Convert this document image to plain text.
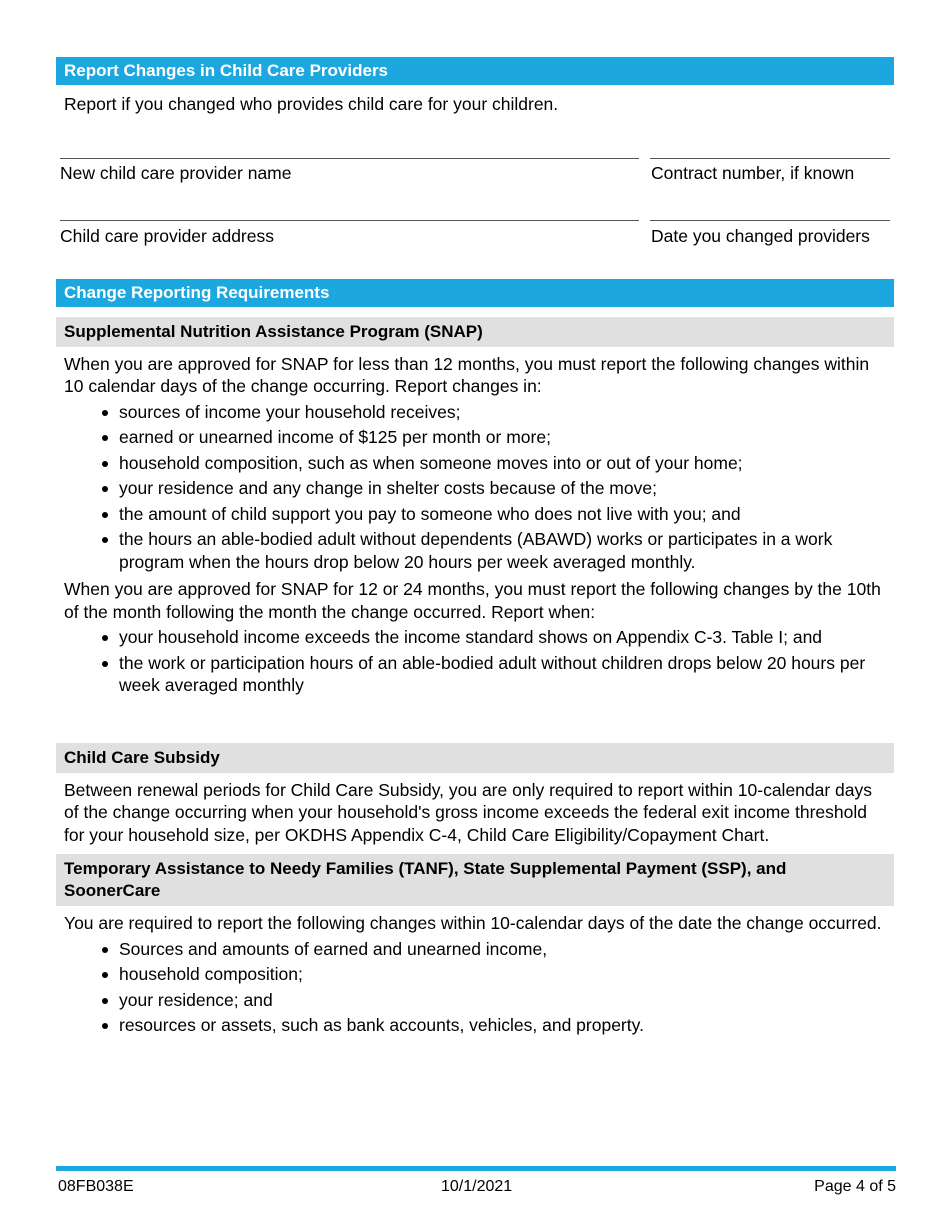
Report Changes in Child Care Providers
Report if you changed who provides child care for your children.
New child care provider name	Contract number, if known
Child care provider address	Date you changed providers
Change Reporting Requirements
Supplemental Nutrition Assistance Program (SNAP)
When you are approved for SNAP for less than 12 months, you must report the following changes within 10 calendar days of the change occurring. Report changes in:
sources of income your household receives;
earned or unearned income of $125 per month or more;
household composition, such as when someone moves into or out of your home;
your residence and any change in shelter costs because of the move;
the amount of child support you pay to someone who does not live with you; and
the hours an able-bodied adult without dependents (ABAWD) works or participates in a work program when the hours drop below 20 hours per week averaged monthly.
When you are approved for SNAP for 12 or 24 months, you must report the following changes by the 10th of the month following the month the change occurred. Report when:
your household income exceeds the income standard shows on Appendix C-3. Table I; and
the work or participation hours of an able-bodied adult without children drops below 20 hours per week averaged monthly
Child Care Subsidy
Between renewal periods for Child Care Subsidy, you are only required to report within 10-calendar days of the change occurring when your household's gross income exceeds the federal exit income threshold for your household size, per OKDHS Appendix C-4, Child Care Eligibility/Copayment Chart.
Temporary Assistance to Needy Families (TANF), State Supplemental Payment (SSP), and SoonerCare
You are required to report the following changes within 10-calendar days of the date the change occurred.
Sources and amounts of earned and unearned income,
household composition;
your residence; and
resources or assets, such as bank accounts, vehicles, and property.
08FB038E	10/1/2021	Page 4 of 5
